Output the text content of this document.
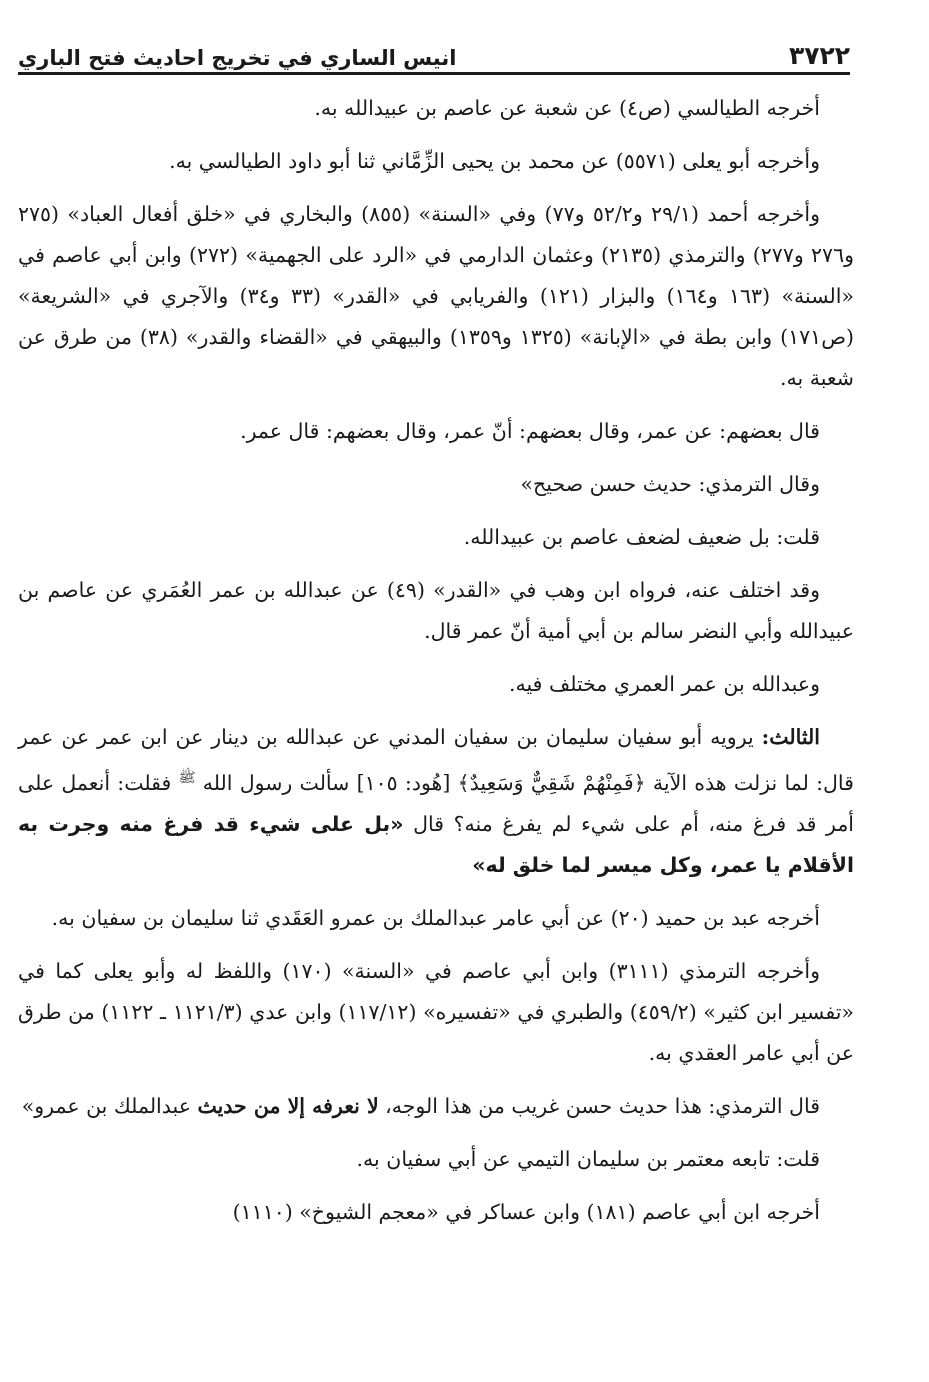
٣٧٢٢
انيس الساري في تخريج احاديث فتح الباري

أخرجه الطيالسي (ص٤) عن شعبة عن عاصم بن عبيدالله به.

وأخرجه أبو يعلى (٥٥٧١) عن محمد بن يحيى الزِّمَّاني ثنا أبو داود الطيالسي به.

وأخرجه أحمد (٢٩/١ و٥٢/٢ و٧٧) وفي «السنة» (٨٥٥) والبخاري في «خلق أفعال العباد» (٢٧٥ و٢٧٦ و٢٧٧) والترمذي (٢١٣٥) وعثمان الدارمي في «الرد على الجهمية» (٢٧٢) وابن أبي عاصم في «السنة» (١٦٣ و١٦٤) والبزار (١٢١) والفريابي في «القدر» (٣٣ و٣٤) والآجري في «الشريعة» (ص١٧١) وابن بطة في «الإبانة» (١٣٢٥ و١٣٥٩) والبيهقي في «القضاء والقدر» (٣٨) من طرق عن شعبة به.

قال بعضهم: عن عمر، وقال بعضهم: أنّ عمر، وقال بعضهم: قال عمر.

وقال الترمذي: حديث حسن صحيح»

قلت: بل ضعيف لضعف عاصم بن عبيدالله.

وقد اختلف عنه، فرواه ابن وهب في «القدر» (٤٩) عن عبدالله بن عمر العُمَري عن عاصم بن عبيدالله وأبي النضر سالم بن أبي أمية أنّ عمر قال.

وعبدالله بن عمر العمري مختلف فيه.

الثالث: يرويه أبو سفيان سليمان بن سفيان المدني عن عبدالله بن دينار عن ابن عمر عن عمر قال: لما نزلت هذه الآية ﴿فَمِنْهُمْ شَقِيٌّ وَسَعِيدٌ﴾ [هُود: ١٠٥] سألت رسول الله $^ﷺ$ فقلت: أنعمل على أمر قد فرغ منه، أم على شيء لم يفرغ منه؟ قال «بل على شيء قد فرغ منه وجرت به الأقلام يا عمر، وكل ميسر لما خلق له»

أخرجه عبد بن حميد (٢٠) عن أبي عامر عبدالملك بن عمرو العَقَدي ثنا سليمان بن سفيان به.

وأخرجه الترمذي (٣١١١) وابن أبي عاصم في «السنة» (١٧٠) واللفظ له وأبو يعلى كما في «تفسير ابن كثير» (٤٥٩/٢) والطبري في «تفسيره» (١١٧/١٢) وابن عدي (١١٢١/٣ ـ ١١٢٢) من طرق عن أبي عامر العقدي به.

قال الترمذي: هذا حديث حسن غريب من هذا الوجه، لا نعرفه إلا من حديث عبدالملك بن عمرو»

قلت: تابعه معتمر بن سليمان التيمي عن أبي سفيان به.

أخرجه ابن أبي عاصم (١٨١) وابن عساكر في «معجم الشيوخ» (١١١٠)
